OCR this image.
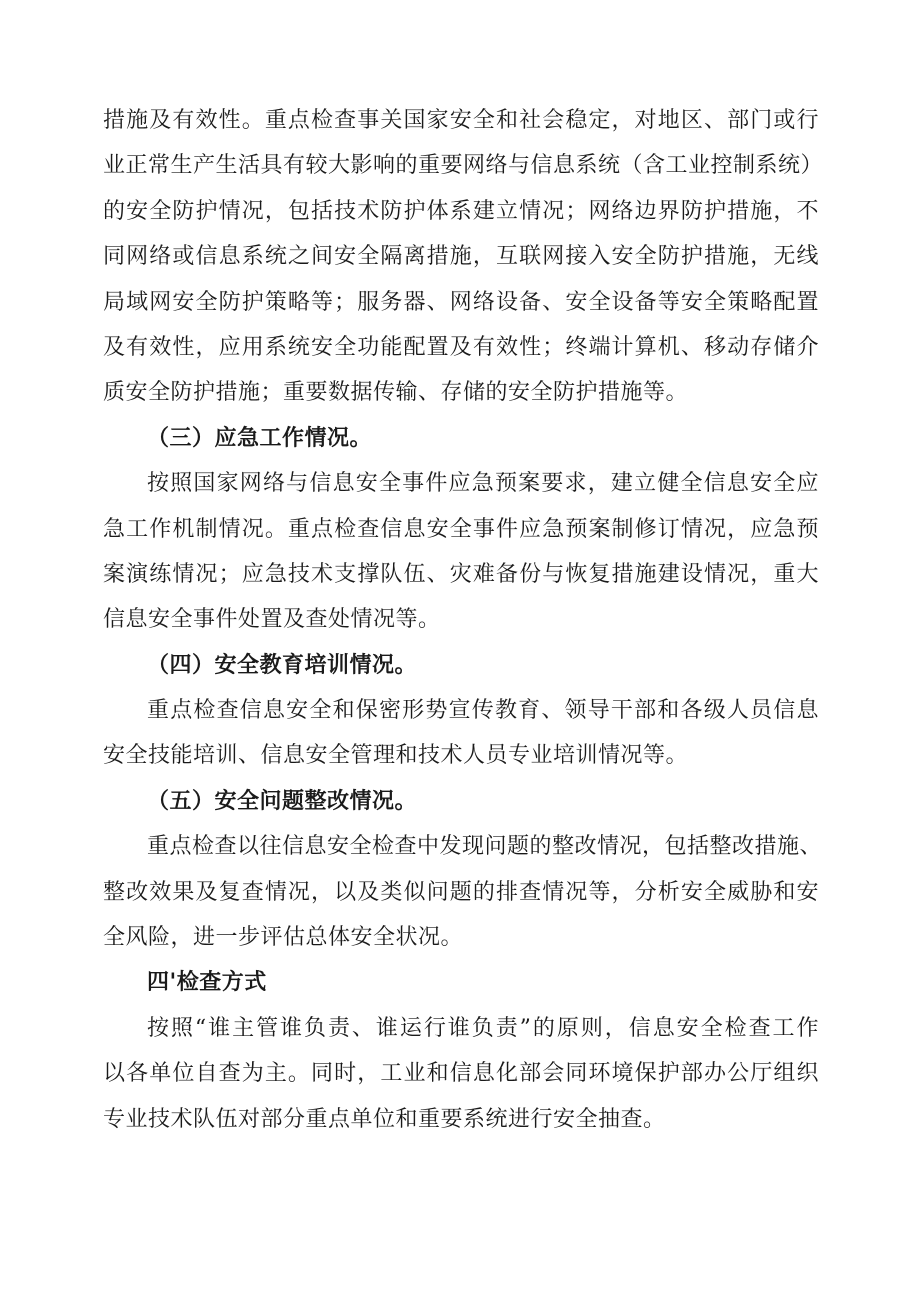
措施及有效性。重点检查事关国家安全和社会稳定，对地区、部门或行
业正常生产生活具有较大影响的重要网络与信息系统（含工业控制系统）
的安全防护情况，包括技术防护体系建立情况；网络边界防护措施，不
同网络或信息系统之间安全隔离措施，互联网接入安全防护措施，无线
局域网安全防护策略等；服务器、网络设备、安全设备等安全策略配置
及有效性，应用系统安全功能配置及有效性；终端计算机、移动存储介
质安全防护措施；重要数据传输、存储的安全防护措施等。
（三）应急工作情况。
按照国家网络与信息安全事件应急预案要求，建立健全信息安全应
急工作机制情况。重点检查信息安全事件应急预案制修订情况，应急预
案演练情况；应急技术支撑队伍、灾难备份与恢复措施建设情况，重大
信息安全事件处置及查处情况等。
（四）安全教育培训情况。
重点检查信息安全和保密形势宣传教育、领导干部和各级人员信息
安全技能培训、信息安全管理和技术人员专业培训情况等。
（五）安全问题整改情况。
重点检查以往信息安全检查中发现问题的整改情况，包括整改措施、
整改效果及复查情况，以及类似问题的排查情况等，分析安全威胁和安
全风险，进一步评估总体安全状况。
四'检查方式
按照“谁主管谁负责、谁运行谁负责”的原则，信息安全检查工作
以各单位自查为主。同时，工业和信息化部会同环境保护部办公厅组织
专业技术队伍对部分重点单位和重要系统进行安全抽查。
